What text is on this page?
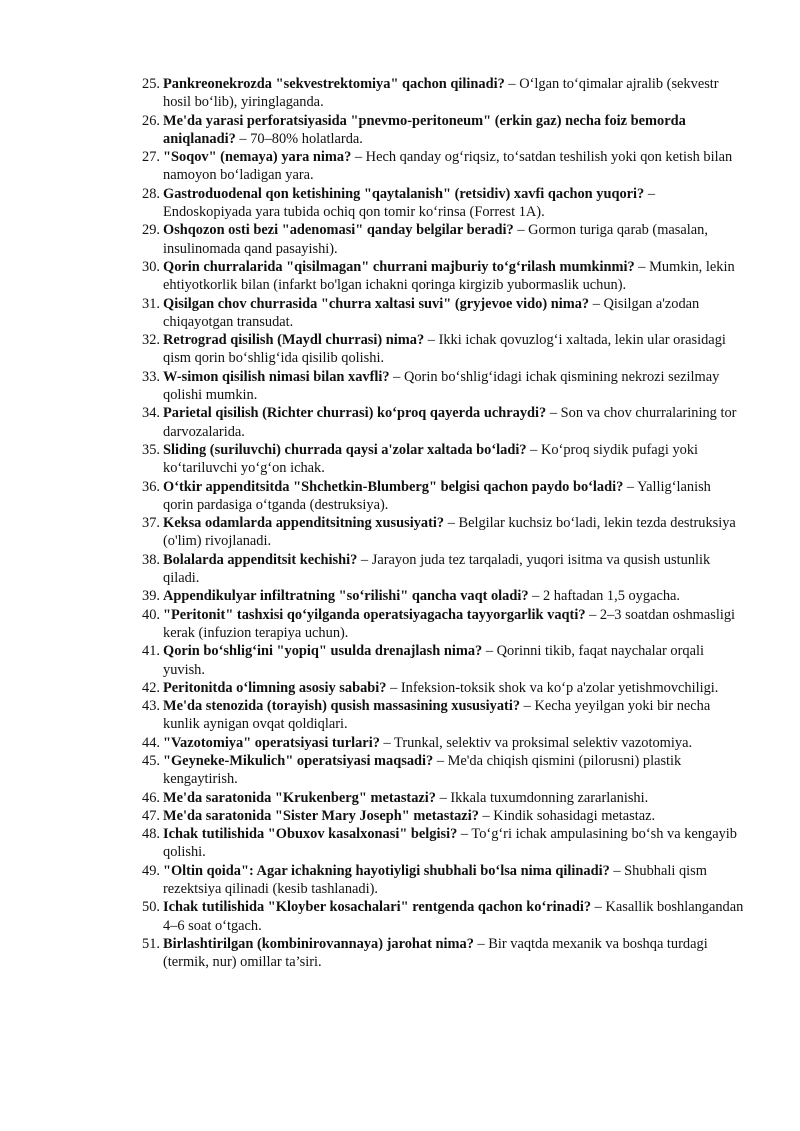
25. Pankreonekrozda "sekvestrektomiya" qachon qilinadi? – O‘lgan to‘qimalar ajralib (sekvestr hosil bo‘lib), yiringlaganda.
26. Me'da yarasi perforatsiyasida "pnevmo-peritoneum" (erkin gaz) necha foiz bemorda aniqlanadi? – 70–80% holatlarda.
27. "Soqov" (nemaya) yara nima? – Hech qanday og‘riqsiz, to‘satdan teshilish yoki qon ketish bilan namoyon bo‘ladigan yara.
28. Gastroduodenal qon ketishining "qaytalanish" (retsidiv) xavfi qachon yuqori? – Endoskopiyada yara tubida ochiq qon tomir ko‘rinsa (Forrest 1A).
29. Oshqozon osti bezi "adenomasi" qanday belgilar beradi? – Gormon turiga qarab (masalan, insulinomada qand pasayishi).
30. Qorin churralarida "qisilmagan" churrani majburiy to‘g‘rilash mumkinmi? – Mumkin, lekin ehtiyotkorlik bilan (infarkt bo'lgan ichakni qoringa kirgizib yubormaslik uchun).
31. Qisilgan chov churrasida "churra xaltasi suvi" (gryjevoe vido) nima? – Qisilgan a'zodan chiqayotgan transudat.
32. Retrograd qisilish (Maydl churrasi) nima? – Ikki ichak qovuzlog‘i xaltada, lekin ular orasidagi qism qorin bo‘shlig‘ida qisilib qolishi.
33. W-simon qisilish nimasi bilan xavfli? – Qorin bo‘shlig‘idagi ichak qismining nekrozi sezilmay qolishi mumkin.
34. Parietal qisilish (Richter churrasi) ko‘proq qayerda uchraydi? – Son va chov churralarining tor darvozalarida.
35. Sliding (suriluvchi) churrada qaysi a'zolar xaltada bo‘ladi? – Ko‘proq siydik pufagi yoki ko‘tariluvchi yo‘g‘on ichak.
36. O‘tkir appenditsitda "Shchetkin-Blumberg" belgisi qachon paydo bo‘ladi? – Yallig‘lanish qorin pardasiga o‘tganda (destruksiya).
37. Keksa odamlarda appenditsitning xususiyati? – Belgilar kuchsiz bo‘ladi, lekin tezda destruksiya (o'lim) rivojlanadi.
38. Bolalarda appenditsit kechishi? – Jarayon juda tez tarqaladi, yuqori isitma va qusish ustunlik qiladi.
39. Appendikulyar infiltratning "so‘rilishi" qancha vaqt oladi? – 2 haftadan 1,5 oygacha.
40. "Peritonit" tashxisi qo‘yilganda operatsiyagacha tayyorgarlik vaqti? – 2–3 soatdan oshmasligi kerak (infuzion terapiya uchun).
41. Qorin bo‘shlig‘ini "yopiq" usulda drenajlash nima? – Qorinni tikib, faqat naychalar orqali yuvish.
42. Peritonitda o‘limning asosiy sababi? – Infeksion-toksik shok va ko‘p a'zolar yetishmovchiligi.
43. Me'da stenozida (torayish) qusish massasining xususiyati? – Kecha yeyilgan yoki bir necha kunlik aynigan ovqat qoldiqlari.
44. "Vazotomiya" operatsiyasi turlari? – Trunkal, selektiv va proksimal selektiv vazotomiya.
45. "Geyneke-Mikulich" operatsiyasi maqsadi? – Me'da chiqish qismini (pilorusni) plastik kengaytirish.
46. Me'da saratonida "Krukenberg" metastazi? – Ikkala tuxumdonning zararlanishi.
47. Me'da saratonida "Sister Mary Joseph" metastazi? – Kindik sohasidagi metastaz.
48. Ichak tutilishida "Obuxov kasalxonasi" belgisi? – To‘g‘ri ichak ampulasining bo‘sh va kengayib qolishi.
49. "Oltin qoida": Agar ichakning hayotiyligi shubhali bo‘lsa nima qilinadi? – Shubhali qism rezektsiya qilinadi (kesib tashlanadi).
50. Ichak tutilishida "Kloyber kosachalari" rentgenda qachon ko‘rinadi? – Kasallik boshlangandan 4–6 soat o‘tgach.
51. Birlashtirilgan (kombinirovannaya) jarohat nima? – Bir vaqtda mexanik va boshqa turdagi (termik, nur) omillar ta’siri.
